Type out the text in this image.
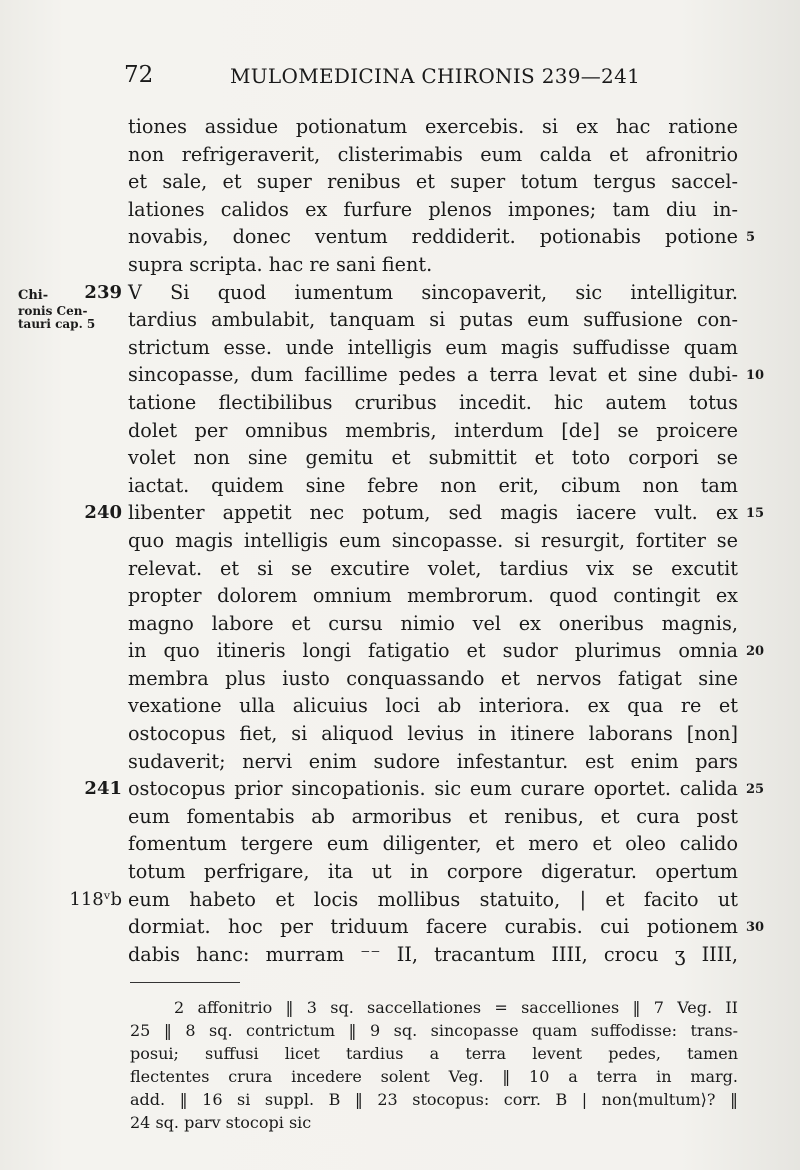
72	MULOMEDICINA CHIRONIS 239—241
Chi-
ronis Cen-
tauri cap. 5
tiones assidue potionatum exercebis. si ex hac ratione
non refrigeraverit, clisterimabis eum calda et afronitrio
et sale, et super renibus et super totum tergus saccel-
lationes calidos ex furfure plenos impones; tam diu in-
novabis, donec ventum reddiderit. potionabis potione 5
supra scripta. hac re sani fient.
239 V Si quod iumentum sincopaverit, sic intelligitur.
tardius ambulabit, tanquam si putas eum suffusione con-
strictum esse. unde intelligis eum magis suffudisse quam
sincopasse, dum facillime pedes a terra levat et sine dubi- 10
tatione flectibilibus cruribus incedit. hic autem totus
dolet per omnibus membris, interdum [de] se proicere
volet non sine gemitu et submittit et toto corpori se
iactat. quidem sine febre non erit, cibum non tam
240 libenter appetit nec potum, sed magis iacere vult. ex 15
quo magis intelligis eum sincopasse. si resurgit, fortiter se
relevat. et si se excutire volet, tardius vix se excutit
propter dolorem omnium membrorum. quod contingit ex
magno labore et cursu nimio vel ex oneribus magnis,
in quo itineris longi fatigatio et sudor plurimus omnia 20
membra plus iusto conquassando et nervos fatigat sine
vexatione ulla alicuius loci ab interiora. ex qua re et
ostocopus fiet, si aliquod levius in itinere laborans [non]
sudaverit; nervi enim sudore infestantur. est enim pars
241 ostocopus prior sincopationis. sic eum curare oportet. calida 25
eum fomentabis ab armoribus et renibus, et cura post
fomentum tergere eum diligenter, et mero et oleo calido
totum perfrigare, ita ut in corpore digeratur. opertum
118ᵛb eum habeto et locis mollibus statuito, | et facito ut
dormiat. hoc per triduum facere curabis. cui potionem 30
dabis hanc: murram ⁻⁻ II, tracantum IIII, crocu ʒ IIII,
2 affonitrio ‖ 3 sq. saccellationes = saccelliones ‖ 7 Veg. II
25 ‖ 8 sq. contrictum ‖ 9 sq. sincopasse quam suffodisse: trans-
posui; suffusi licet tardius a terra levent pedes, tamen
flectentes crura incedere solent Veg. ‖ 10 a terra in marg.
add. ‖ 16 si suppl. B ‖ 23 stocopus: corr. B | non⟨multum⟩? ‖
24 sq. parv stocopi sic
